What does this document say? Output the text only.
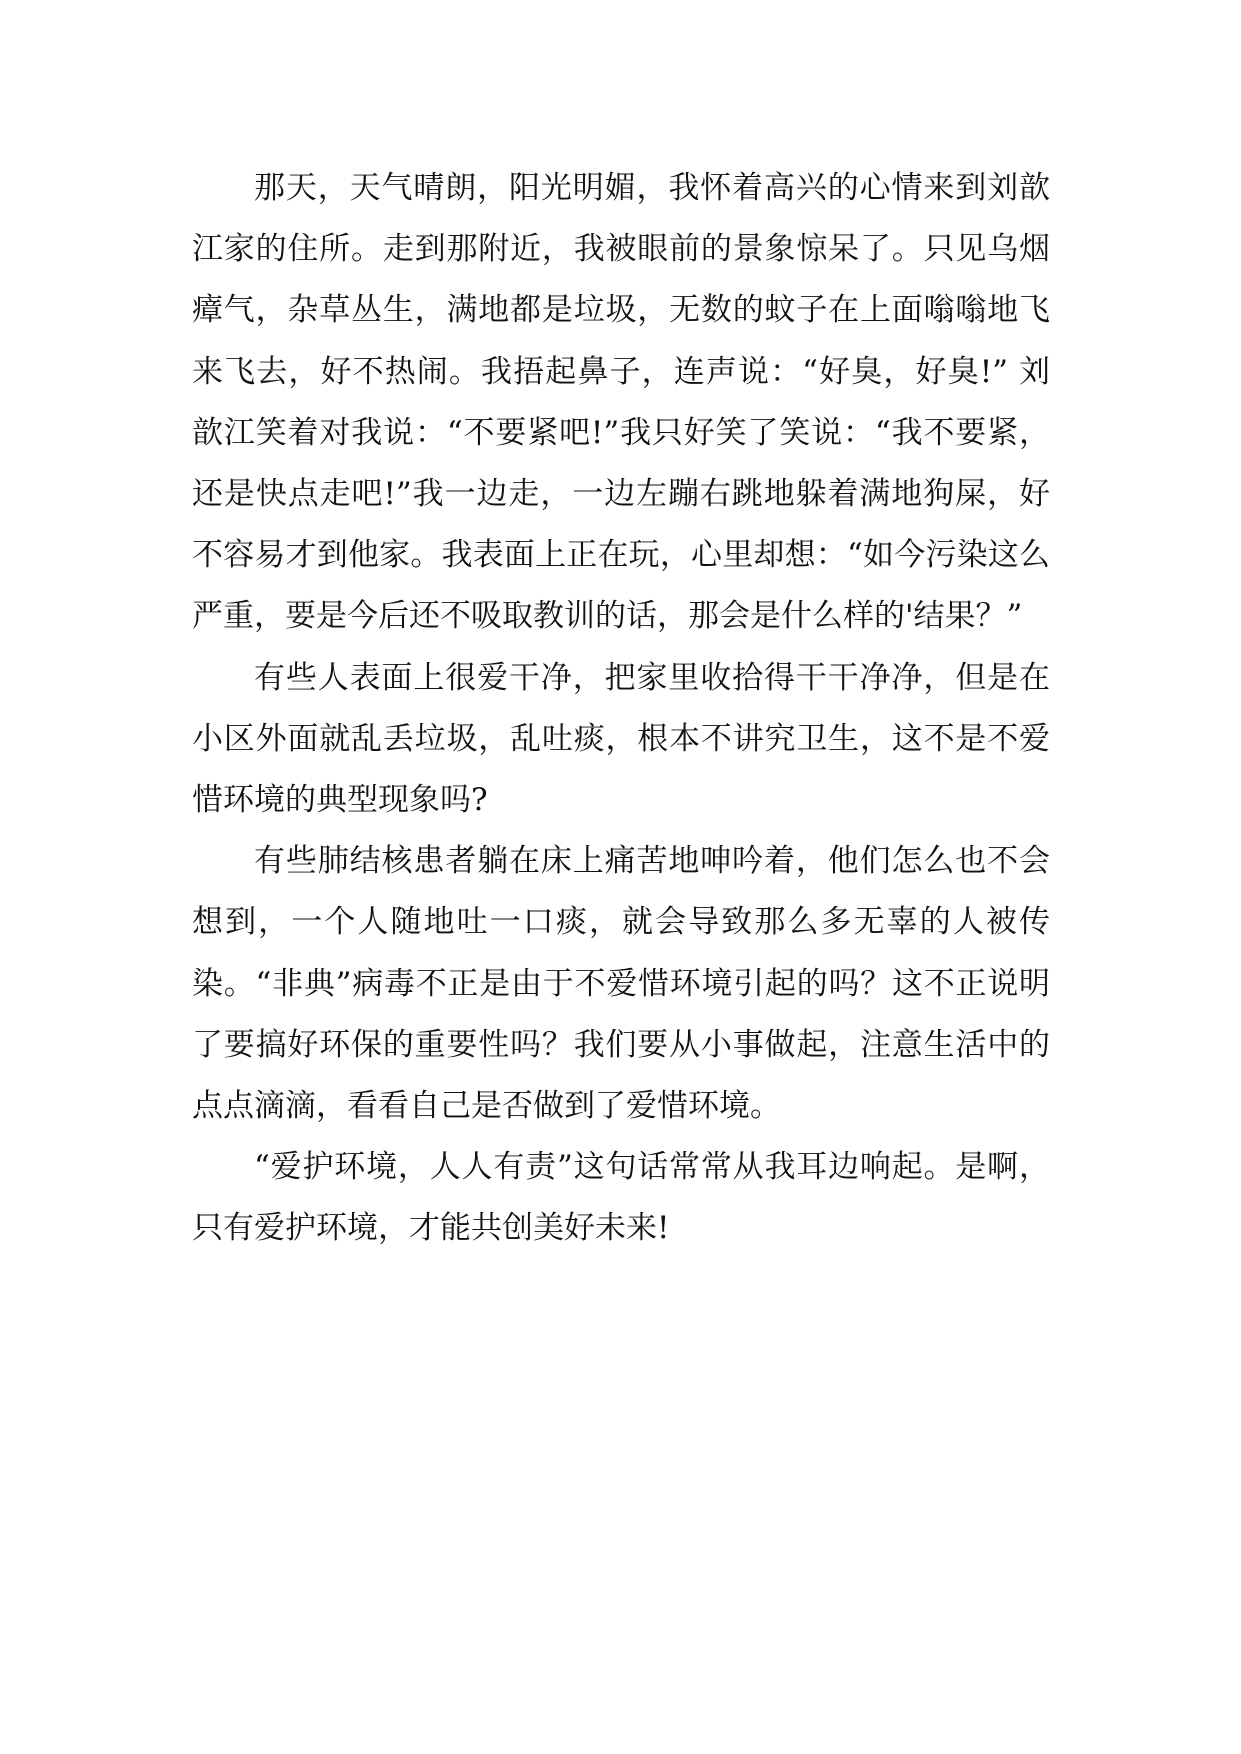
那天，天气晴朗，阳光明媚，我怀着高兴的心情来到刘歆江家的住所。走到那附近，我被眼前的景象惊呆了。只见乌烟瘴气，杂草丛生，满地都是垃圾，无数的蚊子在上面嗡嗡地飞来飞去，好不热闹。我捂起鼻子，连声说：“好臭，好臭!” 刘歆江笑着对我说：“不要紧吧!”我只好笑了笑说：“我不要紧，还是快点走吧!”我一边走，一边左蹦右跳地躲着满地狗屎，好不容易才到他家。我表面上正在玩，心里却想：“如今污染这么严重，要是今后还不吸取教训的话，那会是什么样的'结果？”

有些人表面上很爱干净，把家里收拾得干干净净，但是在小区外面就乱丢垃圾，乱吐痰，根本不讲究卫生，这不是不爱惜环境的典型现象吗?

有些肺结核患者躺在床上痛苦地呻吟着，他们怎么也不会想到，一个人随地吐一口痰，就会导致那么多无辜的人被传染。“非典”病毒不正是由于不爱惜环境引起的吗？这不正说明了要搞好环保的重要性吗？我们要从小事做起，注意生活中的点点滴滴，看看自己是否做到了爱惜环境。

“爱护环境，人人有责”这句话常常从我耳边响起。是啊，只有爱护环境，才能共创美好未来!
